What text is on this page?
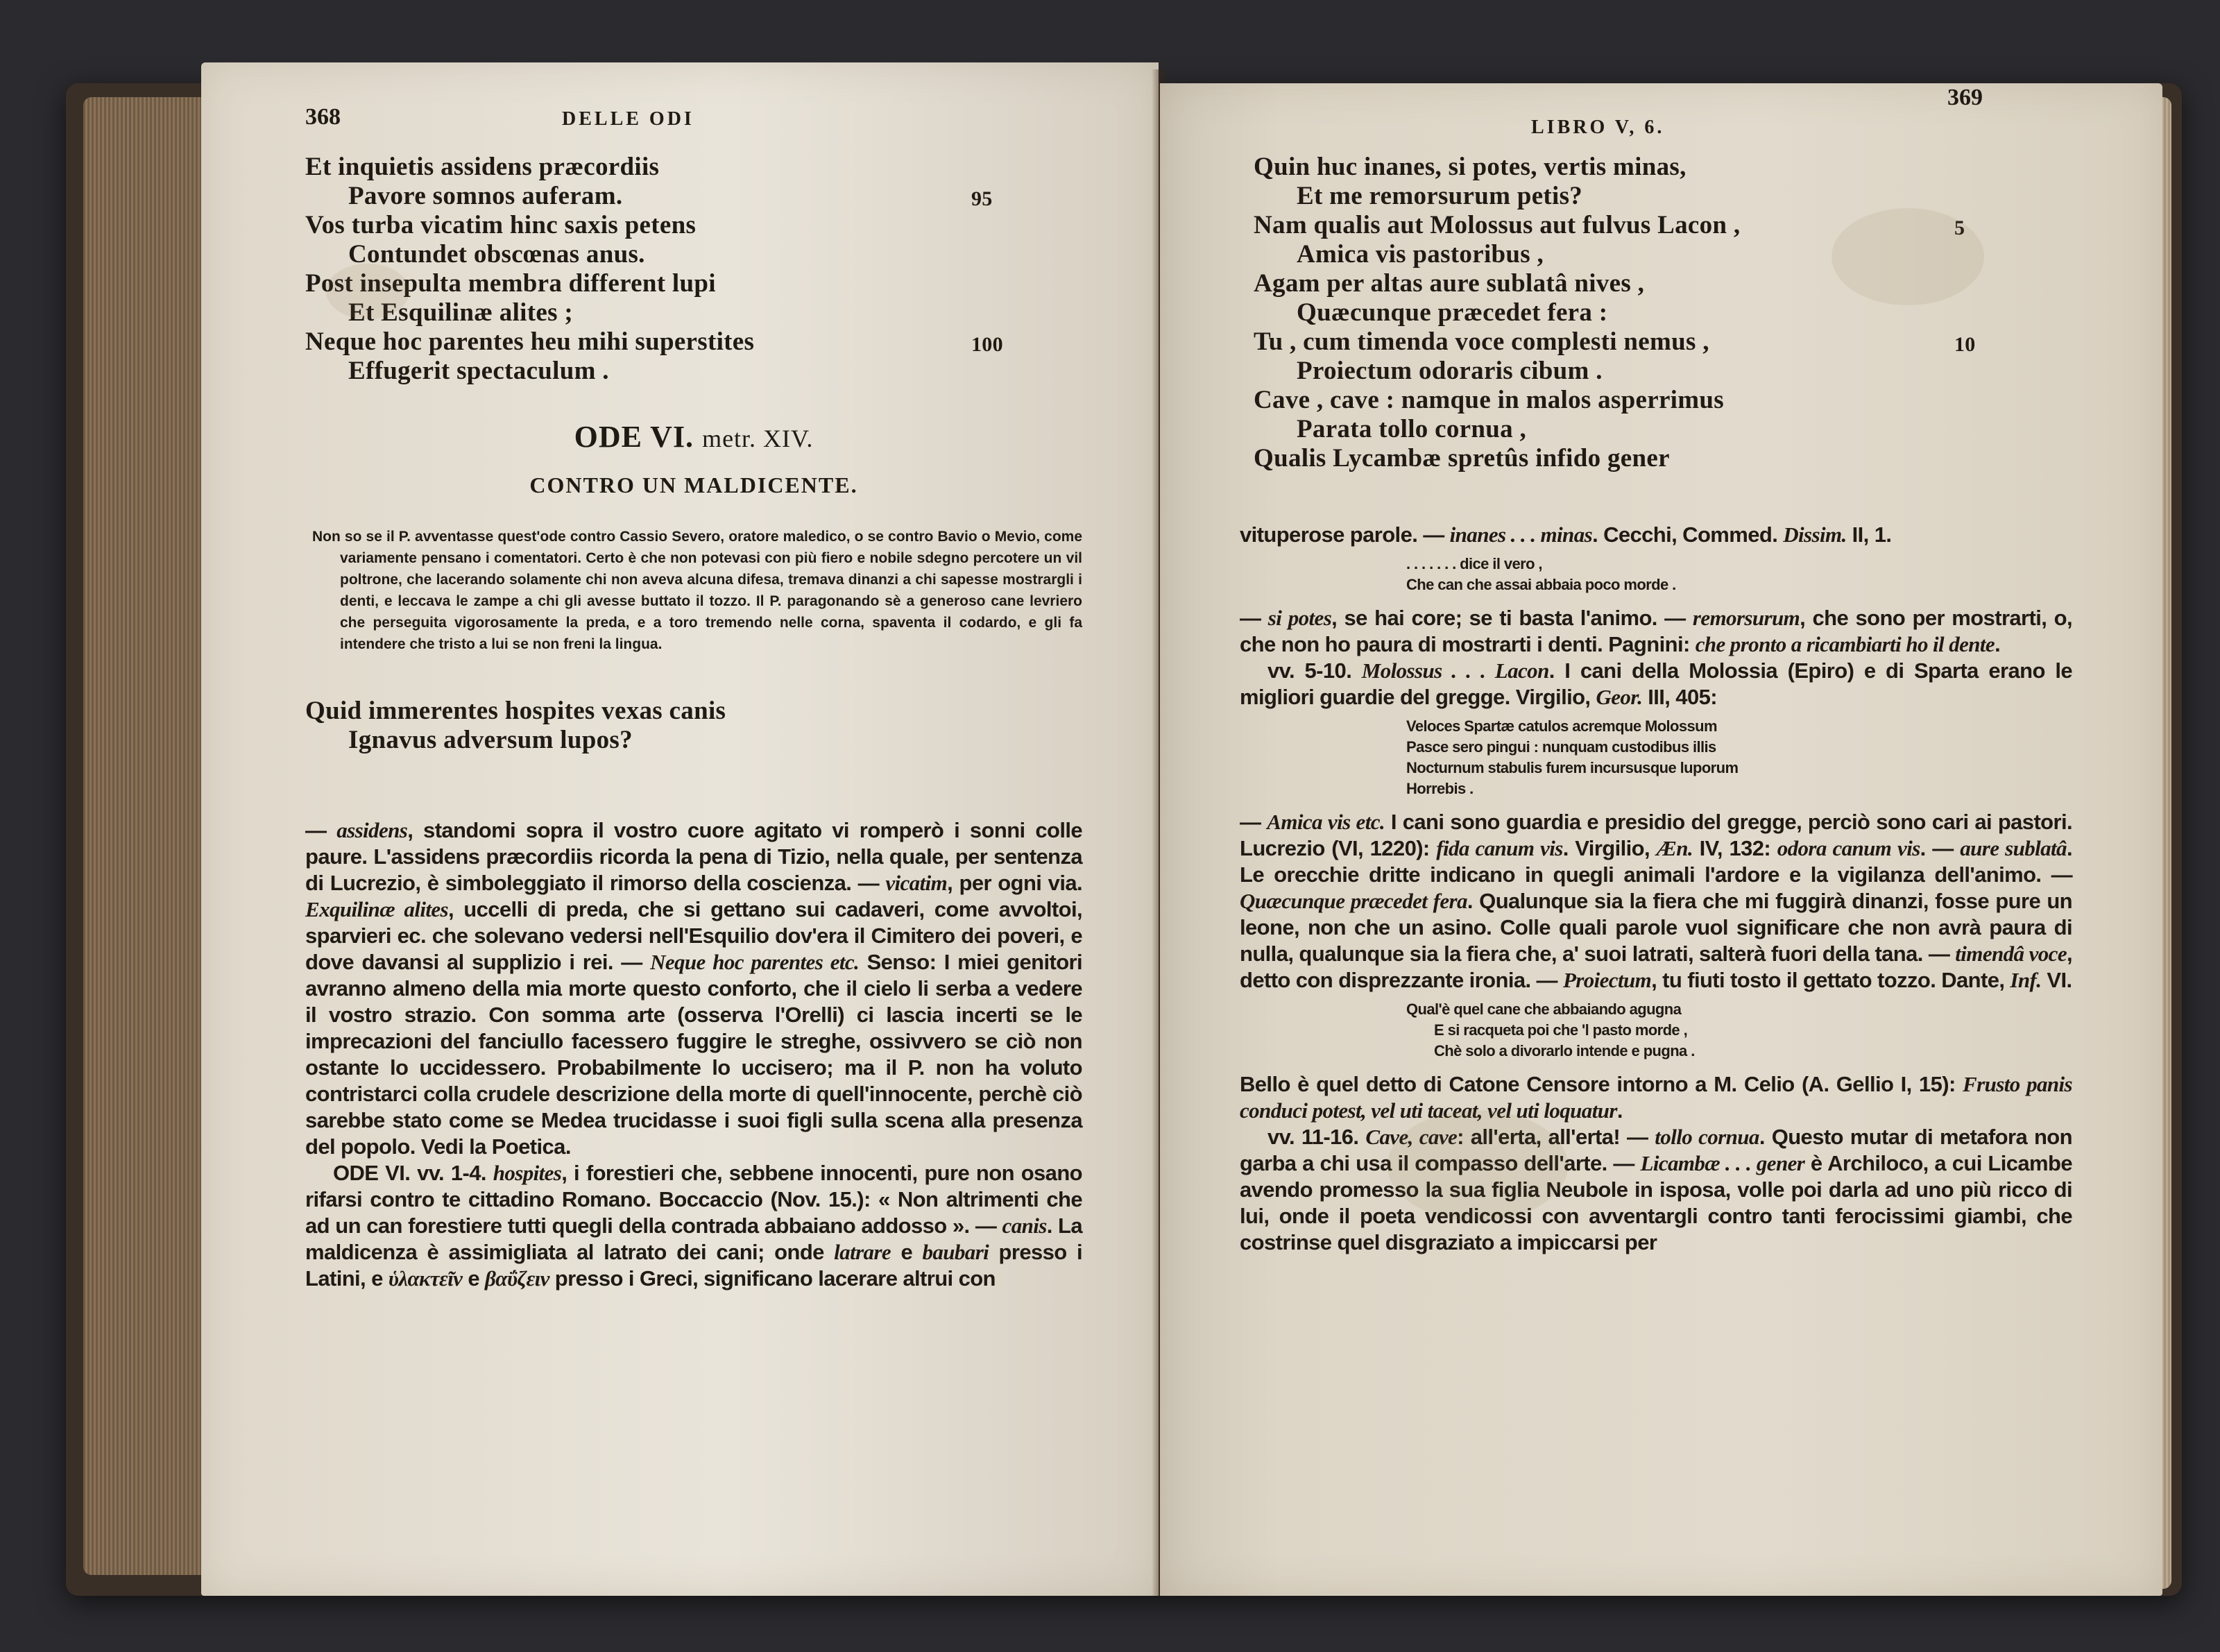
368	DELLE ODI
Et inquietis assidens præcordiis
Pavore somnos auferam.	95
Vos turba vicatim hinc saxis petens
Contundet obscœnas anus.
Post insepulta membra different lupi
Et Esquilinæ alites ;
Neque hoc parentes heu mihi superstites	100
Effugerit spectaculum .
ODE VI. metr. XIV.
CONTRO UN MALDICENTE.
Non so se il P. avventasse quest'ode contro Cassio Severo, oratore maledico, o se contro Bavio o Mevio, come variamente pensano i comentatori. Certo è che non potevasi con più fiero e nobile sdegno percotere un vil poltrone, che lacerando solamente chi non aveva alcuna difesa, tremava dinanzi a chi sapesse mostrargli i denti, e leccava le zampe a chi gli avesse buttato il tozzo. Il P. paragonando sè a generoso cane levriero che perseguita vigorosamente la preda, e a toro tremendo nelle corna, spaventa il codardo, e gli fa intendere che tristo a lui se non freni la lingua.
Quid immerentes hospites vexas canis
Ignavus adversum lupos?

— assidens, standomi sopra il vostro cuore agitato vi romperò i sonni colle paure. L'assidens præcordiis ricorda la pena di Tizio, nella quale, per sentenza di Lucrezio, è simboleggiato il rimorso della coscienza. — vicatim, per ogni via. Exquilinæ alites, uccelli di preda, che si gettano sui cadaveri, come avvoltoi, sparvieri ec. che solevano vedersi nell'Esquilio dov'era il Cimitero dei poveri, e dove davansi al supplizio i rei. — Neque hoc parentes etc. Senso: I miei genitori avranno almeno della mia morte questo conforto, che il cielo li serba a vedere il vostro strazio. Con somma arte (osserva l'Orelli) ci lascia incerti se le imprecazioni del fanciullo facessero fuggire le streghe, ossivvero se ciò non ostante lo uccidessero. Probabilmente lo uccisero; ma il P. non ha voluto contristarci colla crudele descrizione della morte di quell'innocente, perchè ciò sarebbe stato come se Medea trucidasse i suoi figli sulla scena alla presenza del popolo. Vedi la Poetica.

ODE VI. vv. 1-4. hospites, i forestieri che, sebbene innocenti, pure non osano rifarsi contro te cittadino Romano. Boccaccio (Nov. 15.): « Non altrimenti che ad un can forestiere tutti quegli della contrada abbaiano addosso ». — canis. La maldicenza è assimigliata al latrato dei cani; onde latrare e baubari presso i Latini, e ὑλακτεῖν e βαΰζειν presso i Greci, significano lacerare altrui con

LIBRO V, 6.
369
Quin huc inanes, si potes, vertis minas,
Et me remorsurum petis?
Nam qualis aut Molossus aut fulvus Lacon ,	5
Amica vis pastoribus ,
Agam per altas aure sublatâ nives ,
Quæcunque præcedet fera :
Tu , cum timenda voce complesti nemus ,	10
Proiectum odoraris cibum .
Cave , cave : namque in malos asperrimus
Parata tollo cornua ,
Qualis Lycambæ spretûs infido gener

vituperose parole. — inanes . . . minas. Cecchi, Commed. Dissim. II, 1.

. . . . . . . dice il vero ,
Che can che assai abbaia poco morde .

— si potes, se hai core; se ti basta l'animo. — remorsurum, che sono per mostrarti, o, che non ho paura di mostrarti i denti. Pagnini: che pronto a ricambiarti ho il dente.

vv. 5-10. Molossus . . . Lacon. I cani della Molossia (Epiro) e di Sparta erano le migliori guardie del gregge. Virgilio, Geor. III, 405:

Veloces Spartæ catulos acremque Molossum
Pasce sero pingui : nunquam custodibus illis
Nocturnum stabulis furem incursusque luporum
Horrebis .

— Amica vis etc. I cani sono guardia e presidio del gregge, perciò sono cari ai pastori. Lucrezio (VI, 1220): fida canum vis. Virgilio, Æn. IV, 132: odora canum vis. — aure sublatâ. Le orecchie dritte indicano in quegli animali l'ardore e la vigilanza dell'animo. — Quæcunque præcedet fera. Qualunque sia la fiera che mi fuggirà dinanzi, fosse pure un leone, non che un asino. Colle quali parole vuol significare che non avrà paura di nulla, qualunque sia la fiera che, a' suoi latrati, salterà fuori della tana. — timendâ voce, detto con disprezzante ironia. — Proiectum, tu fiuti tosto il gettato tozzo. Dante, Inf. VI.

Qual'è quel cane che abbaiando agugna
E si racqueta poi che 'l pasto morde ,
Chè solo a divorarlo intende e pugna .

Bello è quel detto di Catone Censore intorno a M. Celio (A. Gellio I, 15): Frusto panis conduci potest, vel uti taceat, vel uti loquatur.

vv. 11-16. Cave, cave: all'erta, all'erta! — tollo cornua. Questo mutar di metafora non garba a chi usa il compasso dell'arte. — Licambæ . . . gener è Archiloco, a cui Licambe avendo promesso la sua figlia Neubole in isposa, volle poi darla ad uno più ricco di lui, onde il poeta vendicossi con avventargli contro tanti ferocissimi giambi, che costrinse quel disgraziato a impiccarsi per
